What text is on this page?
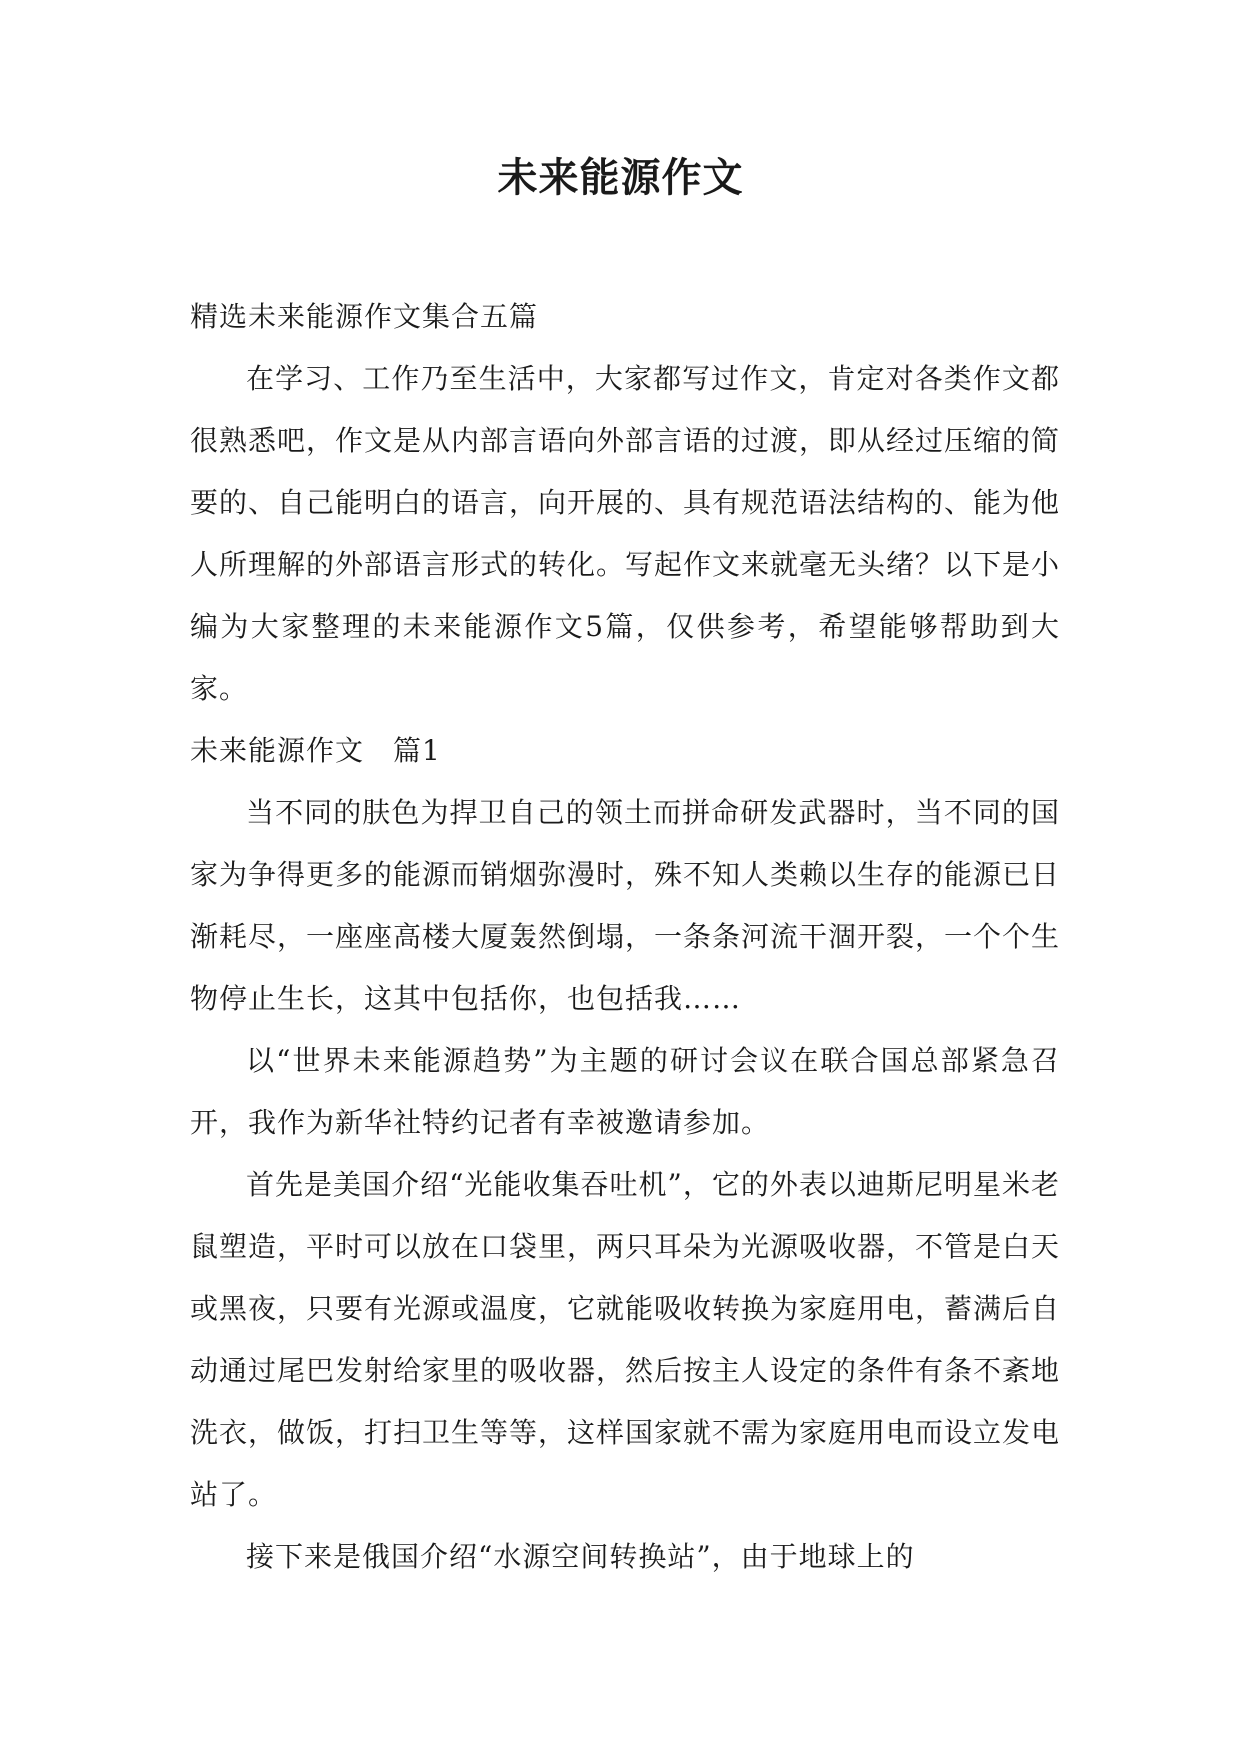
未来能源作文

精选未来能源作文集合五篇

在学习、工作乃至生活中，大家都写过作文，肯定对各类作文都很熟悉吧，作文是从内部言语向外部言语的过渡，即从经过压缩的简要的、自己能明白的语言，向开展的、具有规范语法结构的、能为他人所理解的外部语言形式的转化。写起作文来就毫无头绪？以下是小编为大家整理的未来能源作文5篇，仅供参考，希望能够帮助到大家。

未来能源作文　篇1

当不同的肤色为捍卫自己的领土而拼命研发武器时，当不同的国家为争得更多的能源而销烟弥漫时，殊不知人类赖以生存的能源已日渐耗尽，一座座高楼大厦轰然倒塌，一条条河流干涸开裂，一个个生物停止生长，这其中包括你，也包括我……

以“世界未来能源趋势”为主题的研讨会议在联合国总部紧急召开，我作为新华社特约记者有幸被邀请参加。

首先是美国介绍“光能收集吞吐机”，它的外表以迪斯尼明星米老鼠塑造，平时可以放在口袋里，两只耳朵为光源吸收器，不管是白天或黑夜，只要有光源或温度，它就能吸收转换为家庭用电，蓄满后自动通过尾巴发射给家里的吸收器，然后按主人设定的条件有条不紊地洗衣，做饭，打扫卫生等等，这样国家就不需为家庭用电而设立发电站了。

接下来是俄国介绍“水源空间转换站”，由于地球上的
